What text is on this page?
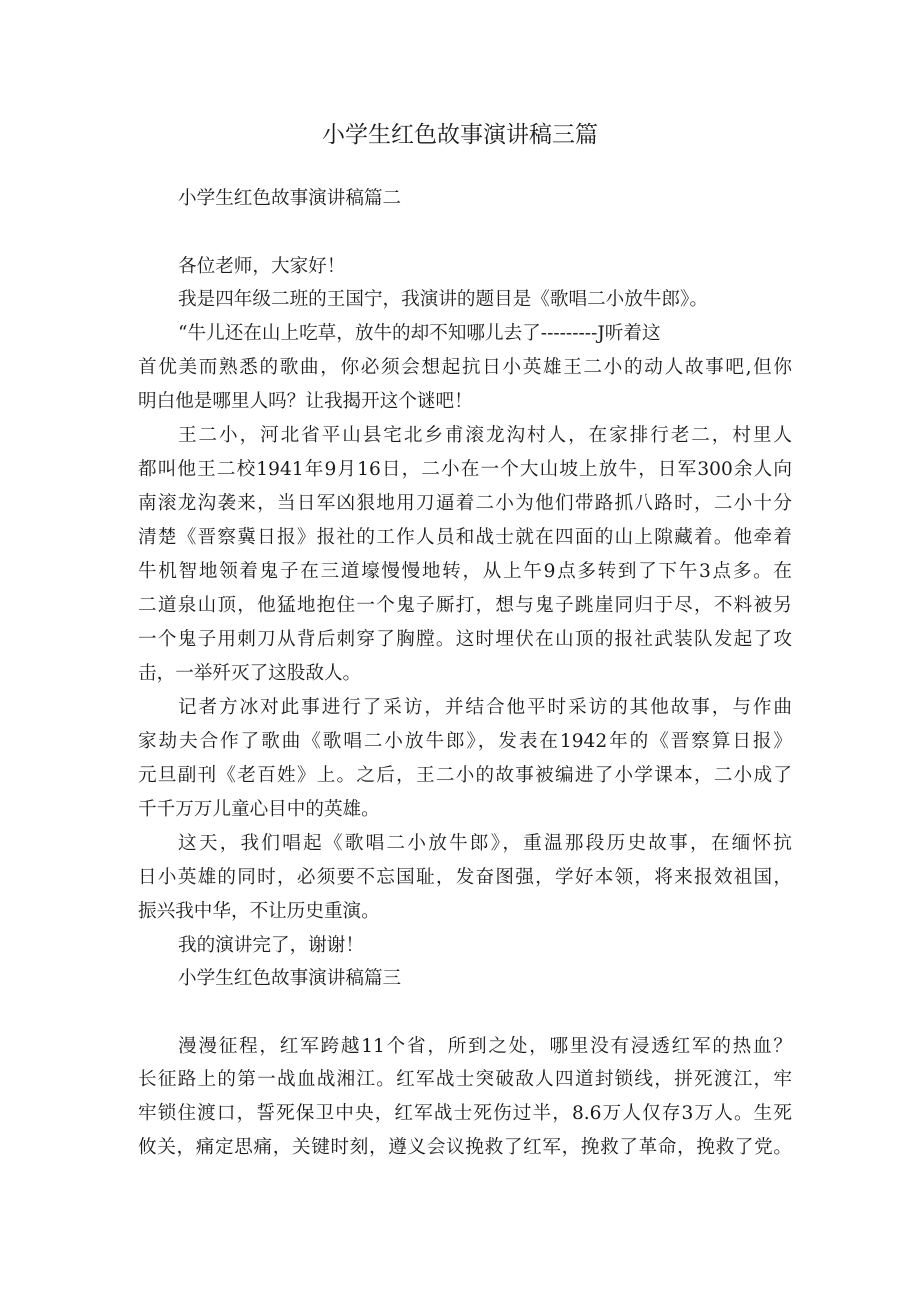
小学生红色故事演讲稿三篇

小学生红色故事演讲稿篇二

各位老师，大家好！

我是四年级二班的王国宁，我演讲的题目是《歌唱二小放牛郎》。

“牛儿还在山上吃草，放牛的却不知哪儿去了---------J听着这

首优美而熟悉的歌曲，你必须会想起抗日小英雄王二小的动人故事吧,但你

明白他是哪里人吗？让我揭开这个谜吧！

王二小，河北省平山县宅北乡甫滚龙沟村人，在家排行老二，村里人

都叫他王二校1941年9月16日，二小在一个大山坡上放牛，日军300余人向

南滚龙沟袭来，当日军凶狠地用刀逼着二小为他们带路抓八路时，二小十分

清楚《晋察冀日报》报社的工作人员和战士就在四面的山上隙藏着。他牵着

牛机智地领着鬼子在三道壕慢慢地转，从上午9点多转到了下午3点多。在

二道泉山顶，他猛地抱住一个鬼子厮打，想与鬼子跳崖同归于尽，不料被另

一个鬼子用刺刀从背后刺穿了胸膛。这时埋伏在山顶的报社武装队发起了攻

击，一举歼灭了这股敌人。

记者方冰对此事进行了采访，并结合他平时采访的其他故事，与作曲

家劫夫合作了歌曲《歌唱二小放牛郎》，发表在1942年的《晋察算日报》

元旦副刊《老百姓》上。之后，王二小的故事被编进了小学课本，二小成了

千千万万儿童心目中的英雄。

这天，我们唱起《歌唱二小放牛郎》，重温那段历史故事，在缅怀抗

日小英雄的同时，必须要不忘国耻，发奋图强，学好本领，将来报效祖国，

振兴我中华，不让历史重演。

我的演讲完了，谢谢！

小学生红色故事演讲稿篇三

漫漫征程，红军跨越11个省，所到之处，哪里没有浸透红军的热血？

长征路上的第一战血战湘江。红军战士突破敌人四道封锁线，拼死渡江，牢

牢锁住渡口，誓死保卫中央，红军战士死伤过半，8.6万人仅存3万人。生死

攸关，痛定思痛，关键时刻，遵义会议挽救了红军，挽救了革命，挽救了党。
